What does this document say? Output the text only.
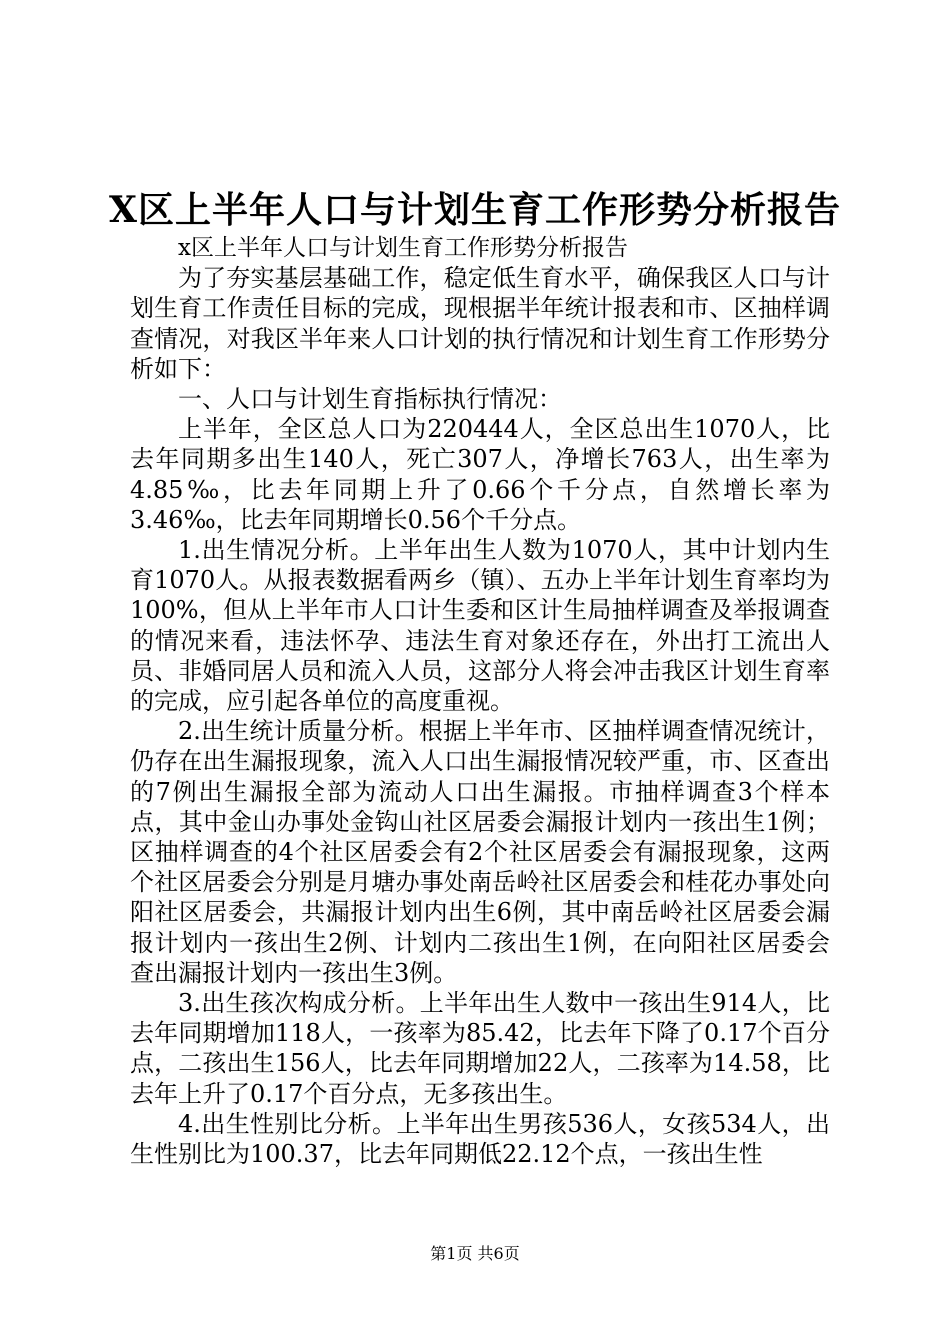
X区上半年人口与计划生育工作形势分析报告

x区上半年人口与计划生育工作形势分析报告

为了夯实基层基础工作，稳定低生育水平，确保我区人口与计划生育工作责任目标的完成，现根据半年统计报表和市、区抽样调查情况，对我区半年来人口计划的执行情况和计划生育工作形势分析如下：

一、人口与计划生育指标执行情况：

上半年，全区总人口为220444人，全区总出生1070人，比去年同期多出生140人，死亡307人，净增长763人，出生率为4.85‰，比去年同期上升了0.66个千分点，自然增长率为3.46‰，比去年同期增长0.56个千分点。

1.出生情况分析。上半年出生人数为1070人，其中计划内生育1070人。从报表数据看两乡（镇）、五办上半年计划生育率均为100%，但从上半年市人口计生委和区计生局抽样调查及举报调查的情况来看，违法怀孕、违法生育对象还存在，外出打工流出人员、非婚同居人员和流入人员，这部分人将会冲击我区计划生育率的完成，应引起各单位的高度重视。

2.出生统计质量分析。根据上半年市、区抽样调查情况统计，仍存在出生漏报现象，流入人口出生漏报情况较严重，市、区查出的7例出生漏报全部为流动人口出生漏报。市抽样调查3个样本点，其中金山办事处金钩山社区居委会漏报计划内一孩出生1例；区抽样调查的4个社区居委会有2个社区居委会有漏报现象，这两个社区居委会分别是月塘办事处南岳岭社区居委会和桂花办事处向阳社区居委会，共漏报计划内出生6例，其中南岳岭社区居委会漏报计划内一孩出生2例、计划内二孩出生1例，在向阳社区居委会查出漏报计划内一孩出生3例。

3.出生孩次构成分析。上半年出生人数中一孩出生914人，比去年同期增加118人，一孩率为85.42，比去年下降了0.17个百分点，二孩出生156人，比去年同期增加22人，二孩率为14.58，比去年上升了0.17个百分点，无多孩出生。

4.出生性别比分析。上半年出生男孩536人，女孩534人，出生性别比为100.37，比去年同期低22.12个点，一孩出生性

第1页 共6页
